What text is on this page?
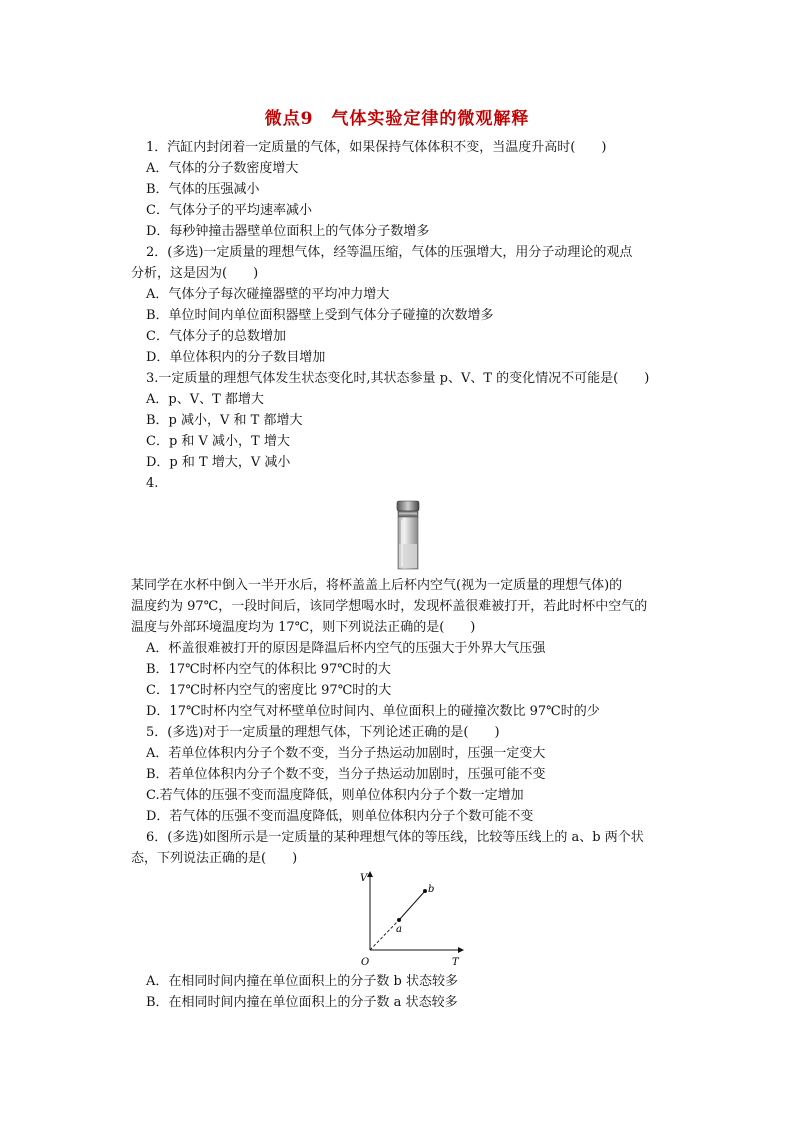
微点9　气体实验定律的微观解释
1．汽缸内封闭着一定质量的气体，如果保持气体体积不变，当温度升高时(　　)
A．气体的分子数密度增大
B．气体的压强减小
C．气体分子的平均速率减小
D．每秒钟撞击器壁单位面积上的气体分子数增多
2．(多选)一定质量的理想气体，经等温压缩，气体的压强增大，用分子动理论的观点
分析，这是因为(　　)
A．气体分子每次碰撞器壁的平均冲力增大
B．单位时间内单位面积器壁上受到气体分子碰撞的次数增多
C．气体分子的总数增加
D．单位体积内的分子数目增加
3.一定质量的理想气体发生状态变化时,其状态参量 p、V、T 的变化情况不可能是(　　)
A．p、V、T 都增大
B．p 减小，V 和 T 都增大
C．p 和 V 减小，T 增大
D．p 和 T 增大，V 减小
4.
某同学在水杯中倒入一半开水后，将杯盖盖上后杯内空气(视为一定质量的理想气体)的
温度约为 97℃，一段时间后，该同学想喝水时，发现杯盖很难被打开，若此时杯中空气的
温度与外部环境温度均为 17℃，则下列说法正确的是(　　)
A．杯盖很难被打开的原因是降温后杯内空气的压强大于外界大气压强
B．17℃时杯内空气的体积比 97℃时的大
C．17℃时杯内空气的密度比 97℃时的大
D．17℃时杯内空气对杯壁单位时间内、单位面积上的碰撞次数比 97℃时的少
5．(多选)对于一定质量的理想气体，下列论述正确的是(　　)
A．若单位体积内分子个数不变，当分子热运动加剧时，压强一定变大
B．若单位体积内分子个数不变，当分子热运动加剧时，压强可能不变
C.若气体的压强不变而温度降低，则单位体积内分子个数一定增加
D．若气体的压强不变而温度降低，则单位体积内分子个数可能不变
6．(多选)如图所示是一定质量的某种理想气体的等压线，比较等压线上的 a、b 两个状
态，下列说法正确的是(　　)
V
T
O
a
b
A．在相同时间内撞在单位面积上的分子数 b 状态较多
B．在相同时间内撞在单位面积上的分子数 a 状态较多
